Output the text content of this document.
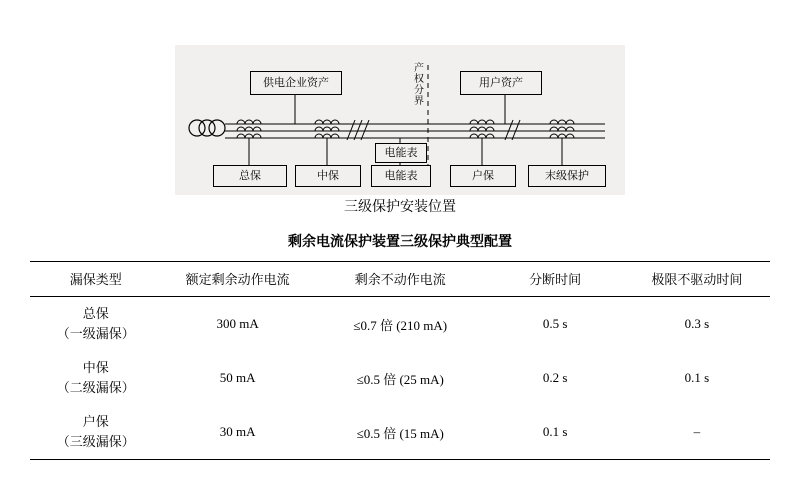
供电企业资产	用户资产
产权分界
电能表
总保	中保	电能表	户保	末级保护
三级保护安装位置
剩余电流保护装置三级保护典型配置
漏保类型	额定剩余动作电流	剩余不动作电流	分断时间	极限不驱动时间
总保
（一级漏保）	300 mA	≤0.7 倍 (210 mA)	0.5 s	0.3 s
中保
（二级漏保）	50 mA	≤0.5 倍 (25 mA)	0.2 s	0.1 s
户保
（三级漏保）	30 mA	≤0.5 倍 (15 mA)	0.1 s	–
